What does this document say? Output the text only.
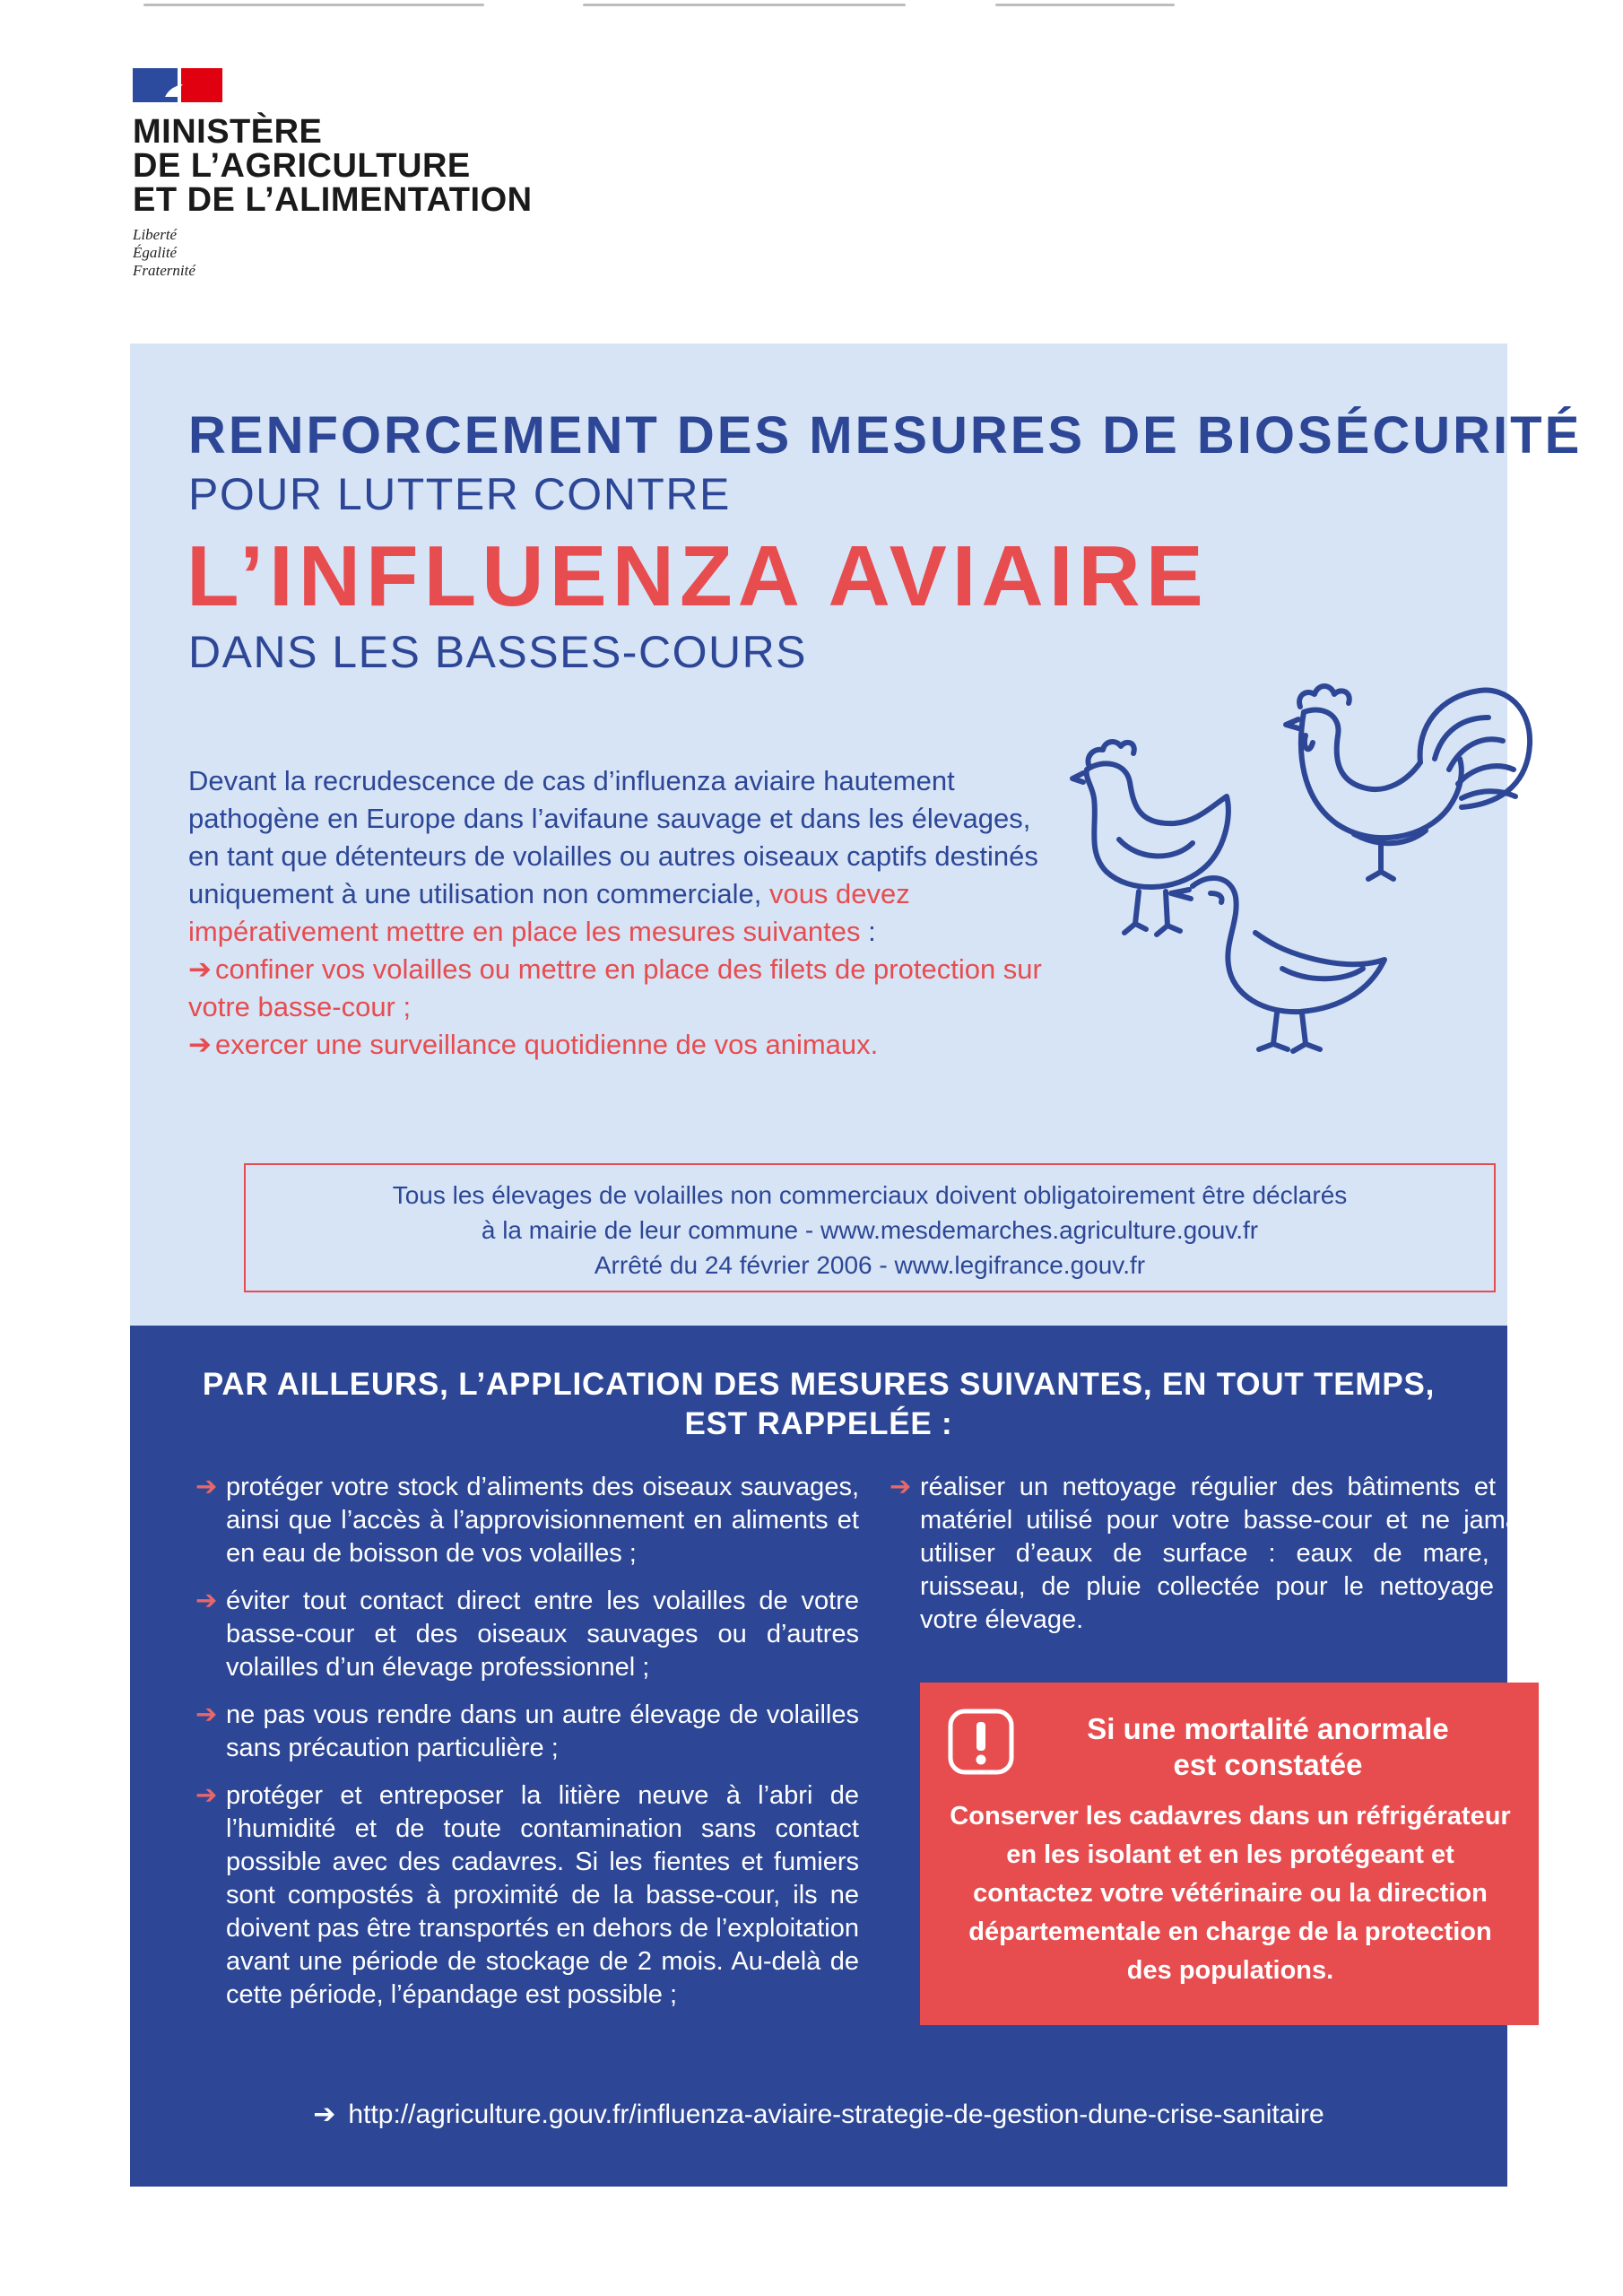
MINISTÈRE
DE L’AGRICULTURE
ET DE L’ALIMENTATION
Liberté
Égalité
Fraternité
RENFORCEMENT DES MESURES DE BIOSÉCURITÉ
POUR LUTTER CONTRE
L’INFLUENZA AVIAIRE
DANS LES BASSES-COURS
Devant la recrudescence de cas d’influenza aviaire hautement pathogène en Europe dans l’avifaune sauvage et dans les élevages, en tant que détenteurs de volailles ou autres oiseaux captifs destinés uniquement à une utilisation non commerciale, vous devez impérativement mettre en place les mesures suivantes :
➔ confiner vos volailles ou mettre en place des filets de protection sur votre basse-cour ;
➔ exercer une surveillance quotidienne de vos animaux.
Tous les élevages de volailles non commerciaux doivent obligatoirement être déclarés
à la mairie de leur commune - www.mesdemarches.agriculture.gouv.fr
Arrêté du 24 février 2006 - www.legifrance.gouv.fr
PAR AILLEURS, L’APPLICATION DES MESURES SUIVANTES, EN TOUT TEMPS,
EST RAPPELÉE :
➔ protéger votre stock d’aliments des oiseaux sauvages, ainsi que l’accès à l’approvisionnement en aliments et en eau de boisson de vos volailles ;
➔ éviter tout contact direct entre les volailles de votre basse-cour et des oiseaux sauvages ou d’autres volailles d’un élevage professionnel ;
➔ ne pas vous rendre dans un autre élevage de volailles sans précaution particulière ;
➔ protéger et entreposer la litière neuve à l’abri de l’humidité et de toute contamination sans contact possible avec des cadavres. Si les fientes et fumiers sont compostés à proximité de la basse-cour, ils ne doivent pas être transportés en dehors de l’exploitation avant une période de stockage de 2 mois. Au-delà de cette période, l’épandage est possible ;
➔ réaliser un nettoyage régulier des bâtiments et du matériel utilisé pour votre basse-cour et ne jamais utiliser d’eaux de surface : eaux de mare, de ruisseau, de pluie collectée pour le nettoyage de votre élevage.
Si une mortalité anormale
est constatée
Conserver les cadavres dans un réfrigérateur en les isolant et en les protégeant et contactez votre vétérinaire ou la direction départementale en charge de la protection des populations.
➔ http://agriculture.gouv.fr/influenza-aviaire-strategie-de-gestion-dune-crise-sanitaire
